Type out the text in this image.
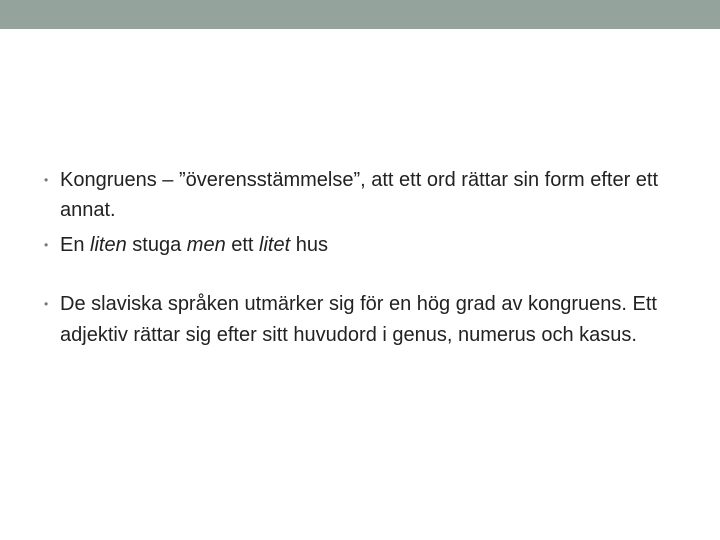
• Kongruens – ”överensstämmelse”, att ett ord rättar sin form efter ett annat.
• En liten stuga men ett litet hus
• De slaviska språken utmärker sig för en hög grad av kongruens. Ett adjektiv rättar sig efter sitt huvudord i genus, numerus och kasus.
